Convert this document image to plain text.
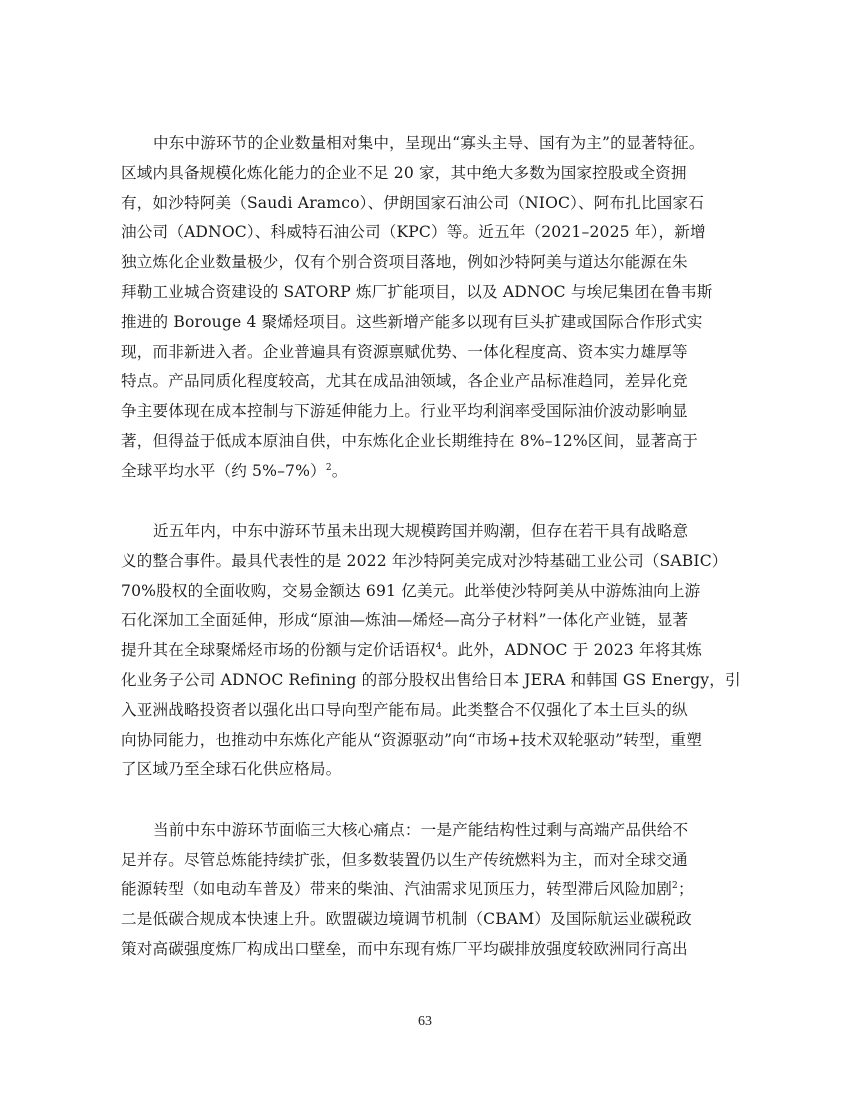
中东中游环节的企业数量相对集中，呈现出“寡头主导、国有为主”的显著特征。
区域内具备规模化炼化能力的企业不足 20 家，其中绝大多数为国家控股或全资拥
有，如沙特阿美（Saudi Aramco）、伊朗国家石油公司（NIOC）、阿布扎比国家石
油公司（ADNOC）、科威特石油公司（KPC）等。近五年（2021–2025 年），新增
独立炼化企业数量极少，仅有个别合资项目落地，例如沙特阿美与道达尔能源在朱
拜勒工业城合资建设的 SATORP 炼厂扩能项目，以及 ADNOC 与埃尼集团在鲁韦斯
推进的 Borouge 4 聚烯烃项目。这些新增产能多以现有巨头扩建或国际合作形式实
现，而非新进入者。企业普遍具有资源禀赋优势、一体化程度高、资本实力雄厚等
特点。产品同质化程度较高，尤其在成品油领域，各企业产品标准趋同，差异化竞
争主要体现在成本控制与下游延伸能力上。行业平均利润率受国际油价波动影响显
著，但得益于低成本原油自供，中东炼化企业长期维持在 8%–12%区间，显著高于
全球平均水平（约 5%–7%）$^2$。
近五年内，中东中游环节虽未出现大规模跨国并购潮，但存在若干具有战略意
义的整合事件。最具代表性的是 2022 年沙特阿美完成对沙特基础工业公司（SABIC）
70%股权的全面收购，交易金额达 691 亿美元。此举使沙特阿美从中游炼油向上游
石化深加工全面延伸，形成“原油—炼油—烯烃—高分子材料”一体化产业链，显著
提升其在全球聚烯烃市场的份额与定价话语权$^4$。此外，ADNOC 于 2023 年将其炼
化业务子公司 ADNOC Refining 的部分股权出售给日本 JERA 和韩国 GS Energy，引
入亚洲战略投资者以强化出口导向型产能布局。此类整合不仅强化了本土巨头的纵
向协同能力，也推动中东炼化产能从“资源驱动”向“市场+技术双轮驱动”转型，重塑
了区域乃至全球石化供应格局。
当前中东中游环节面临三大核心痛点：一是产能结构性过剩与高端产品供给不
足并存。尽管总炼能持续扩张，但多数装置仍以生产传统燃料为主，而对全球交通
能源转型（如电动车普及）带来的柴油、汽油需求见顶压力，转型滞后风险加剧$^2$；
二是低碳合规成本快速上升。欧盟碳边境调节机制（CBAM）及国际航运业碳税政
策对高碳强度炼厂构成出口壁垒，而中东现有炼厂平均碳排放强度较欧洲同行高出
63
